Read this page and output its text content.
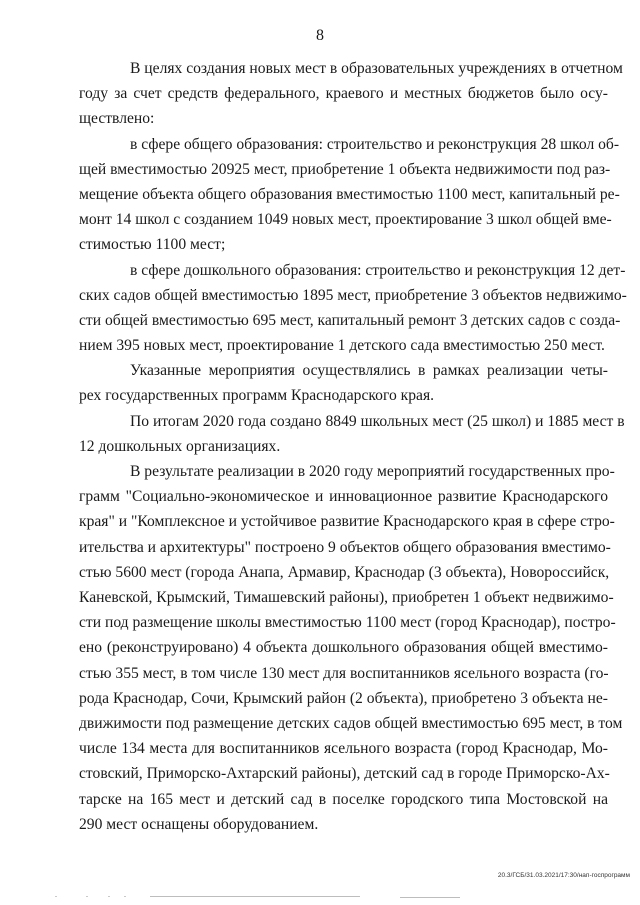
8
В целях создания новых мест в образовательных учреждениях в отчетном
году за счет средств федерального, краевого и местных бюджетов было осу-
ществлено:
в сфере общего образования: строительство и реконструкция 28 школ об-
щей вместимостью 20925 мест, приобретение 1 объекта недвижимости под раз-
мещение объекта общего образования вместимостью 1100 мест, капитальный ре-
монт 14 школ с созданием 1049 новых мест, проектирование 3 школ общей вме-
стимостью 1100 мест;
в сфере дошкольного образования: строительство и реконструкция 12 дет-
ских садов общей вместимостью 1895 мест, приобретение 3 объектов недвижимо-
сти общей вместимостью 695 мест, капитальный ремонт 3 детских садов с созда-
нием 395 новых мест, проектирование 1 детского сада вместимостью 250 мест.
Указанные мероприятия осуществлялись в рамках реализации четы-
рех государственных программ Краснодарского края.
По итогам 2020 года создано 8849 школьных мест (25 школ) и 1885 мест в
12 дошкольных организациях.
В результате реализации в 2020 году мероприятий государственных про-
грамм "Социально-экономическое и инновационное развитие Краснодарского
края" и "Комплексное и устойчивое развитие Краснодарского края в сфере стро-
ительства и архитектуры" построено 9 объектов общего образования вместимо-
стью 5600 мест (города Анапа, Армавир, Краснодар (3 объекта), Новороссийск,
Каневской, Крымский, Тимашевский районы), приобретен 1 объект недвижимо-
сти под размещение школы вместимостью 1100 мест (город Краснодар), постро-
ено (реконструировано) 4 объекта дошкольного образования общей вместимо-
стью 355 мест, в том числе 130 мест для воспитанников ясельного возраста (го-
рода Краснодар, Сочи, Крымский район (2 объекта), приобретено 3 объекта не-
движимости под размещение детских садов общей вместимостью 695 мест, в том
числе 134 места для воспитанников ясельного возраста (город Краснодар, Мо-
стовский, Приморско-Ахтарский районы), детский сад в городе Приморско-Ах-
тарске на 165 мест и детский сад в поселке городского типа Мостовской на
290 мест оснащены оборудованием.
20.3/ГСБ/31.03.2021/17:30/нап-госпрограмм
